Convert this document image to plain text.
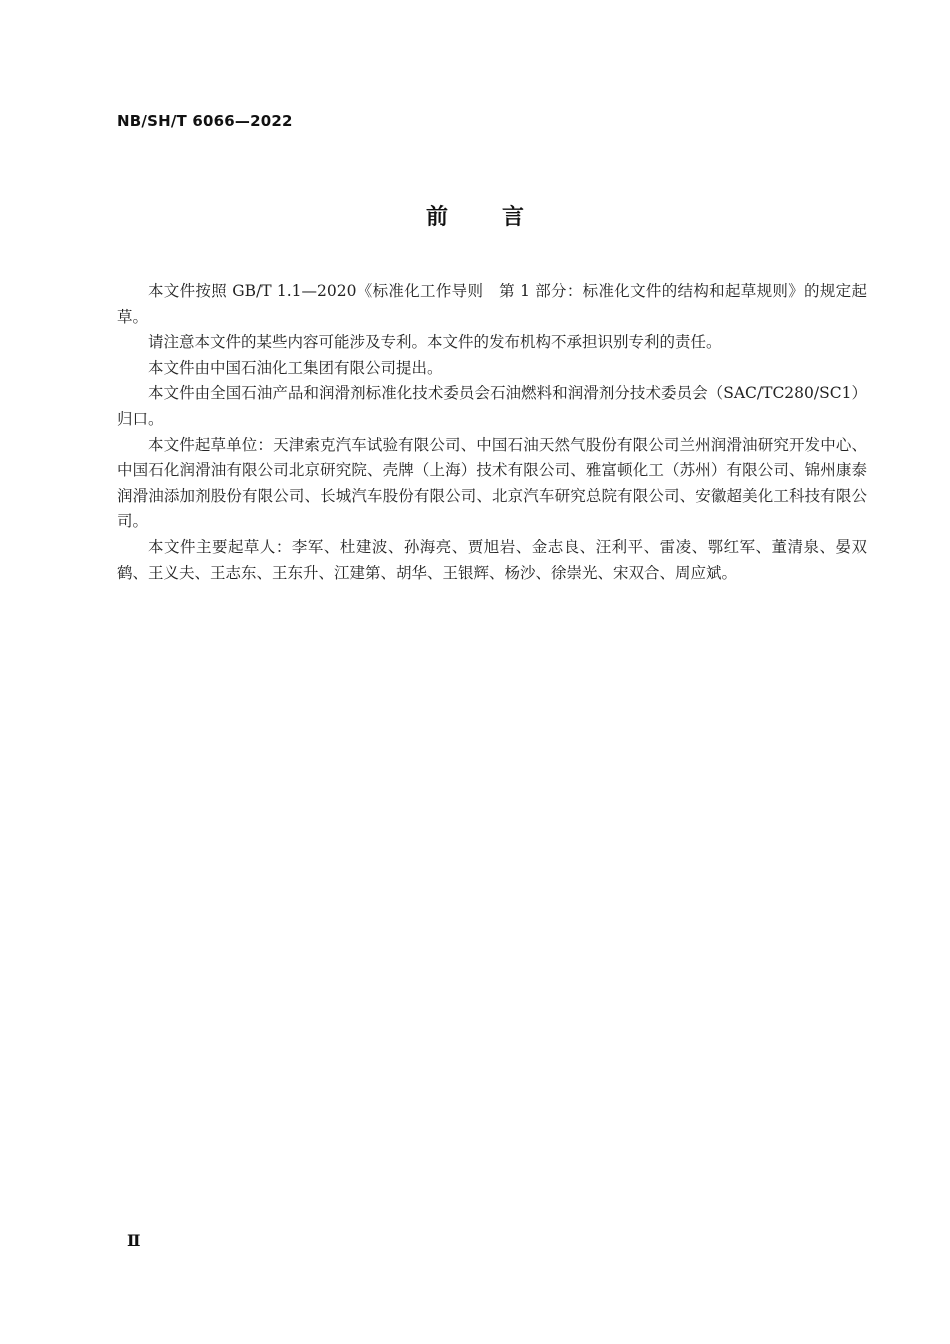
NB/SH/T 6066—2022
前 言

本文件按照 GB/T 1.1—2020《标准化工作导则　第 1 部分：标准化文件的结构和起草规则》的规定起草。

请注意本文件的某些内容可能涉及专利。本文件的发布机构不承担识别专利的责任。

本文件由中国石油化工集团有限公司提出。

本文件由全国石油产品和润滑剂标准化技术委员会石油燃料和润滑剂分技术委员会（SAC/TC280/SC1）归口。

本文件起草单位：天津索克汽车试验有限公司、中国石油天然气股份有限公司兰州润滑油研究开发中心、中国石化润滑油有限公司北京研究院、壳牌（上海）技术有限公司、雅富顿化工（苏州）有限公司、锦州康泰润滑油添加剂股份有限公司、长城汽车股份有限公司、北京汽车研究总院有限公司、安徽超美化工科技有限公司。

本文件主要起草人：李军、杜建波、孙海亮、贾旭岩、金志良、汪利平、雷凌、鄂红军、董清泉、晏双鹤、王义夫、王志东、王东升、江建第、胡华、王银辉、杨沙、徐崇光、宋双合、周应斌。

Ⅱ
